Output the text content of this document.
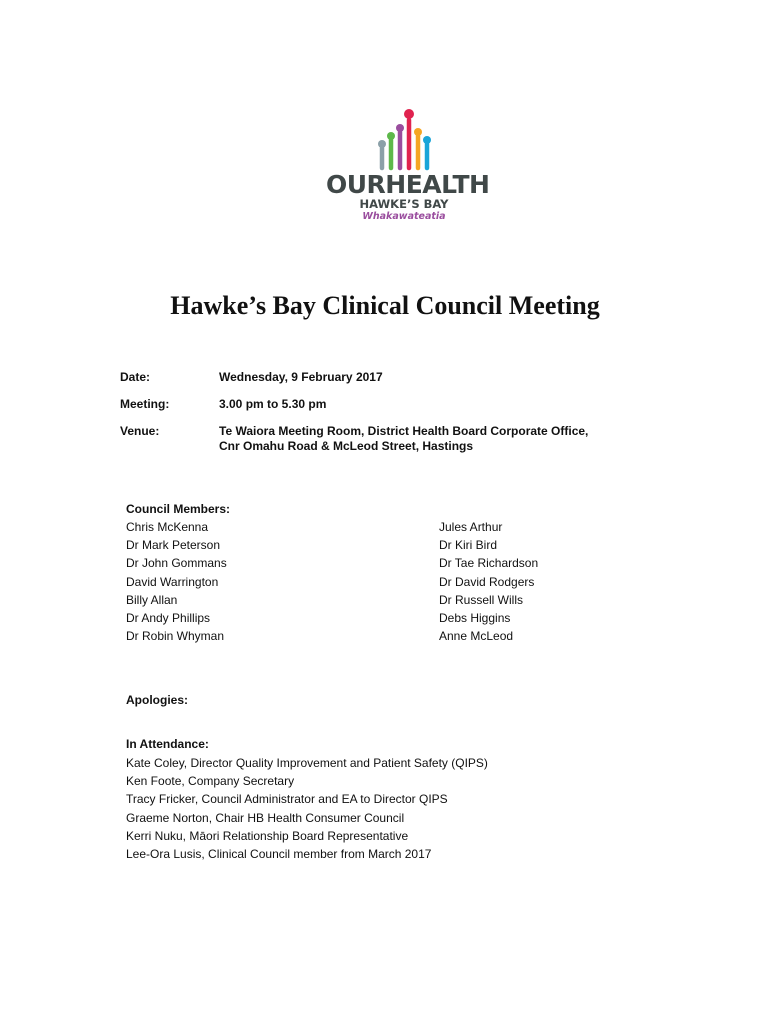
OURHEALTH
HAWKE’S BAY
Whakawateatia
Hawke’s Bay Clinical Council Meeting
Date:	Wednesday, 9 February 2017
Meeting:	3.00 pm to 5.30 pm
Venue:	Te Waiora Meeting Room, District Health Board Corporate Office,
Cnr Omahu Road & McLeod Street, Hastings
Council Members:
Chris McKenna
Dr Mark Peterson
Dr John Gommans
David Warrington
Billy Allan
Dr Andy Phillips
Dr Robin Whyman
Jules Arthur
Dr Kiri Bird
Dr Tae Richardson
Dr David Rodgers
Dr Russell Wills
Debs Higgins
Anne McLeod
Apologies:
In Attendance:
Kate Coley, Director Quality Improvement and Patient Safety (QIPS)
Ken Foote, Company Secretary
Tracy Fricker, Council Administrator and EA to Director QIPS
Graeme Norton, Chair HB Health Consumer Council
Kerri Nuku, Māori Relationship Board Representative
Lee-Ora Lusis, Clinical Council member from March 2017
